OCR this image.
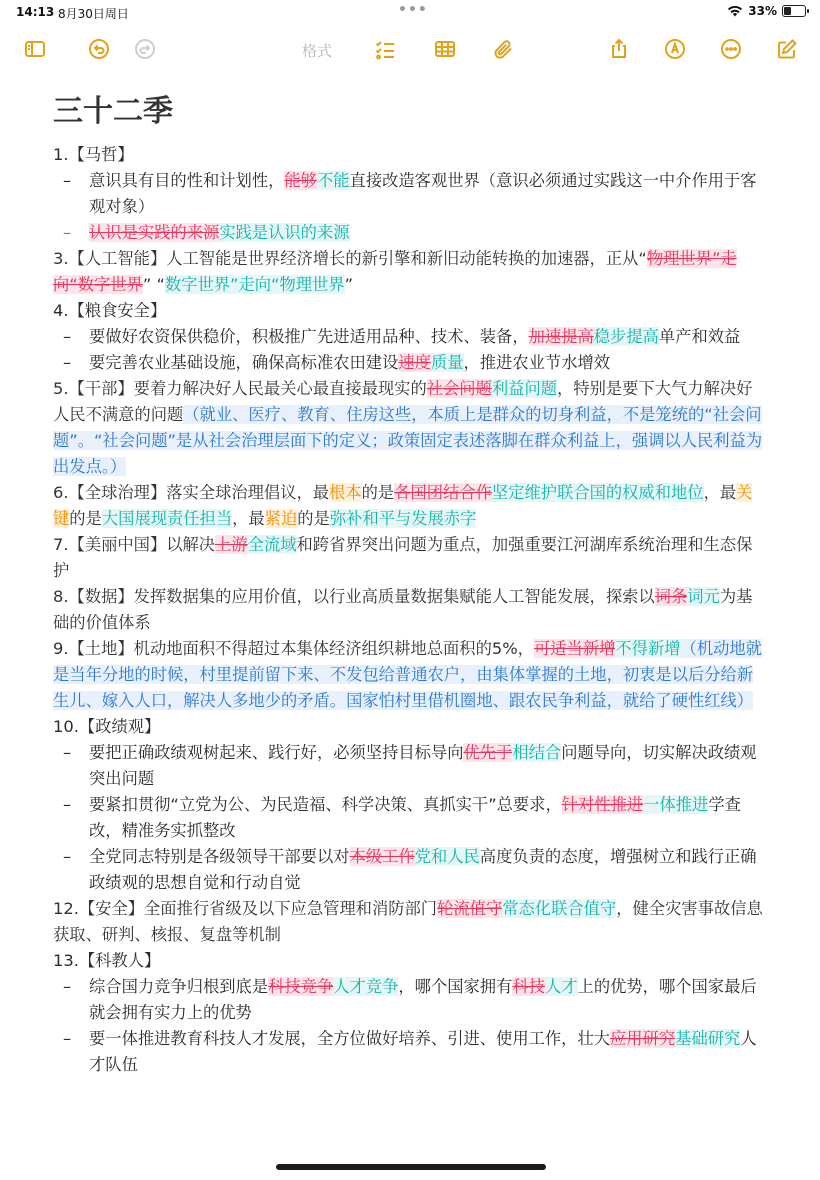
14:13 8月30日周日	•••	33%
格式
三十二季
1.【马哲】
– 意识具有目的性和计划性，能够不能直接改造客观世界（意识必须通过实践这一中介作用于客观对象）
– 认识是实践的来源实践是认识的来源
3.【人工智能】人工智能是世界经济增长的新引擎和新旧动能转换的加速器，正从“物理世界”走向“数字世界” “数字世界”走向“物理世界”
4.【粮食安全】
– 要做好农资保供稳价，积极推广先进适用品种、技术、装备，加速提高稳步提高单产和效益
– 要完善农业基础设施，确保高标准农田建设速度质量，推进农业节水增效
5.【干部】要着力解决好人民最关心最直接最现实的社会问题利益问题，特别是要下大气力解决好人民不满意的问题（就业、医疗、教育、住房这些，本质上是群众的切身利益，不是笼统的“社会问题”。“社会问题”是从社会治理层面下的定义；政策固定表述落脚在群众利益上，强调以人民利益为出发点。）
6.【全球治理】落实全球治理倡议，最根本的是各国团结合作坚定维护联合国的权威和地位，最关键的是大国展现责任担当，最紧迫的是弥补和平与发展赤字
7.【美丽中国】以解决上游全流域和跨省界突出问题为重点，加强重要江河湖库系统治理和生态保护
8.【数据】发挥数据集的应用价值，以行业高质量数据集赋能人工智能发展，探索以词条词元为基础的价值体系
9.【土地】机动地面积不得超过本集体经济组织耕地总面积的5%，可适当新增不得新增（机动地就是当年分地的时候，村里提前留下来、不发包给普通农户，由集体掌握的土地，初衷是以后分给新生儿、嫁入人口，解决人多地少的矛盾。国家怕村里借机圈地、跟农民争利益，就给了硬性红线）
10.【政绩观】
– 要把正确政绩观树起来、践行好，必须坚持目标导向优先于相结合问题导向，切实解决政绩观突出问题
– 要紧扣贯彻“立党为公、为民造福、科学决策、真抓实干”总要求，针对性推进一体推进学查改，精准务实抓整改
– 全党同志特别是各级领导干部要以对本级工作党和人民高度负责的态度，增强树立和践行正确政绩观的思想自觉和行动自觉
12.【安全】全面推行省级及以下应急管理和消防部门轮流值守常态化联合值守，健全灾害事故信息获取、研判、核报、复盘等机制
13.【科教人】
– 综合国力竞争归根到底是科技竞争人才竞争，哪个国家拥有科技人才上的优势，哪个国家最后就会拥有实力上的优势
– 要一体推进教育科技人才发展，全方位做好培养、引进、使用工作，壮大应用研究基础研究人才队伍
